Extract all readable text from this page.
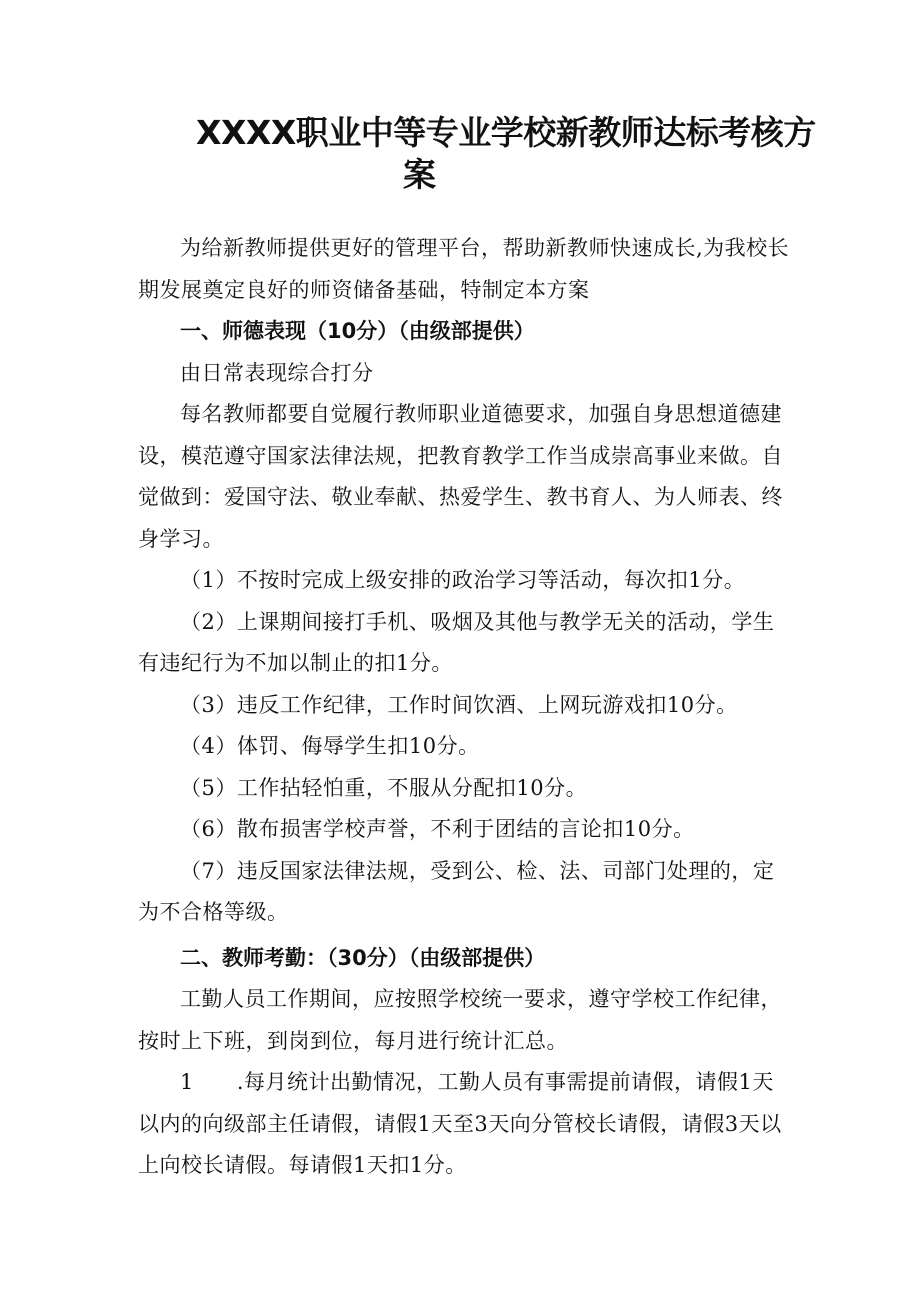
XXXX职业中等专业学校新教师达标考核方
案

为给新教师提供更好的管理平台，帮助新教师快速成长,为我校长期发展奠定良好的师资储备基础，特制定本方案

一、师德表现（10分）（由级部提供）

由日常表现综合打分

每名教师都要自觉履行教师职业道德要求，加强自身思想道德建设，模范遵守国家法律法规，把教育教学工作当成崇高事业来做。自觉做到：爱国守法、敬业奉献、热爱学生、教书育人、为人师表、终身学习。

（1）不按时完成上级安排的政治学习等活动，每次扣1分。

（2）上课期间接打手机、吸烟及其他与教学无关的活动，学生有违纪行为不加以制止的扣1分。

（3）违反工作纪律，工作时间饮酒、上网玩游戏扣10分。

（4）体罚、侮辱学生扣10分。

（5）工作拈轻怕重，不服从分配扣10分。

（6）散布损害学校声誉，不利于团结的言论扣10分。

（7）违反国家法律法规，受到公、检、法、司部门处理的，定为不合格等级。

二、教师考勤：（30分）（由级部提供）

工勤人员工作期间，应按照学校统一要求，遵守学校工作纪律，按时上下班，到岗到位，每月进行统计汇总。

1　　.每月统计出勤情况，工勤人员有事需提前请假，请假1天以内的向级部主任请假，请假1天至3天向分管校长请假，请假3天以上向校长请假。每请假1天扣1分。
